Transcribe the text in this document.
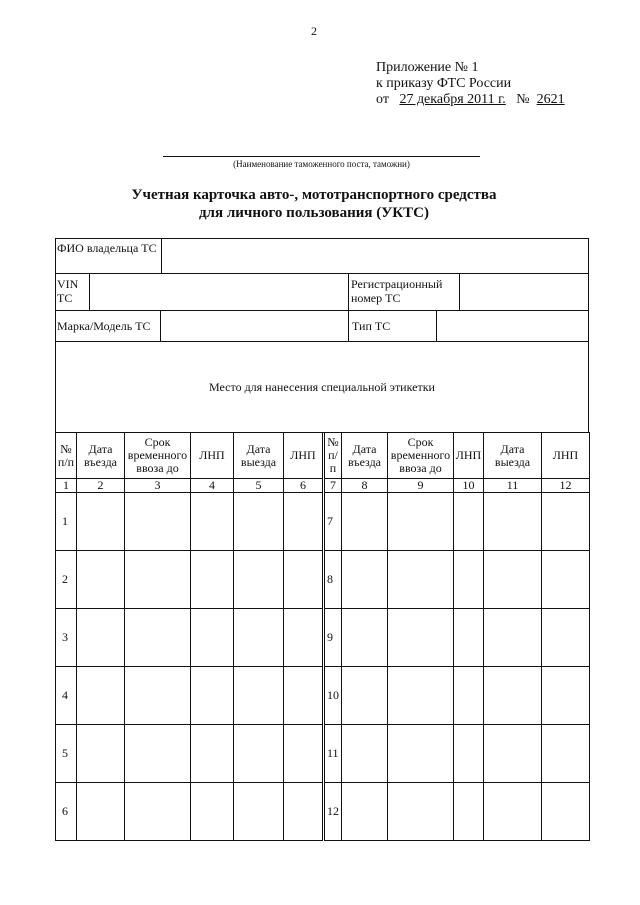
2
Приложение № 1
к приказу ФТС России
от 27 декабря 2011 г. № 2621
(Наименование таможенного поста, таможни)
Учетная карточка авто-, мототранспортного средства
для личного пользования (УКТС)
ФИО владельца ТС
VIN ТС
Регистрационный номер ТС
Марка/Модель ТС	Тип ТС
Место для нанесения специальной этикетки
№ п/п	Дата въезда	Срок временного ввоза до	ЛНП	Дата выезда	ЛНП	№ п/п	Дата въезда	Срок временного ввоза до	ЛНП	Дата выезда	ЛНП
1	2	3	4	5	6	7	8	9	10	11	12
1						7					
2						8					
3						9					
4						10					
5						11					
6						12					
